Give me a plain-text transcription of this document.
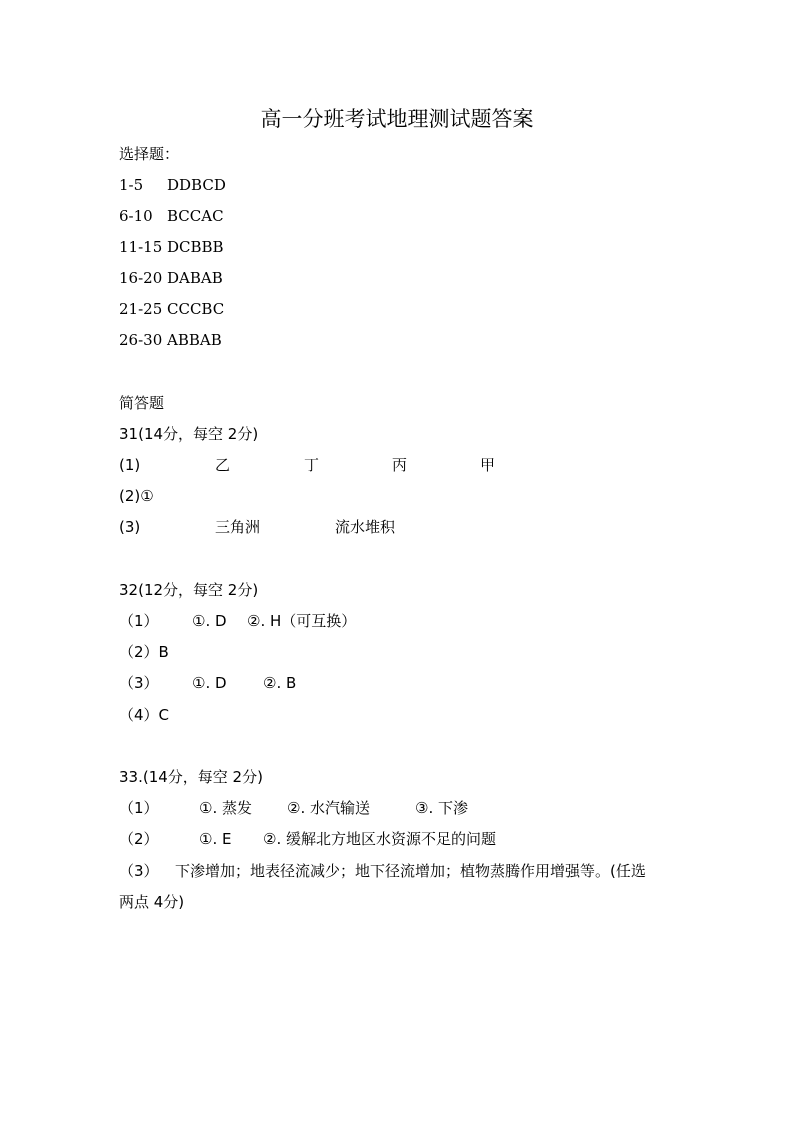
高一分班考试地理测试题答案
选择题：
1-5 DDBCD
6-10 BCCAC
11-15 DCBBB
16-20 DABAB
21-25 CCCBC
26-30 ABBAB
简答题
31(14分，每空 2分)
(1)	乙	丁	丙	甲
(2)①
(3)	三角洲	流水堆积
32(12分，每空 2分)
（1） ①. D ②. H（可互换）
（2）B
（3） ①. D ②. B
（4）C
33.(14分，每空 2分)
（1）	①. 蒸发 ②. 水汽输送	③. 下渗
（2）	①. E ②. 缓解北方地区水资源不足的问题
（3） 下渗增加；地表径流减少；地下径流增加；植物蒸腾作用增强等。(任选
两点 4分)
